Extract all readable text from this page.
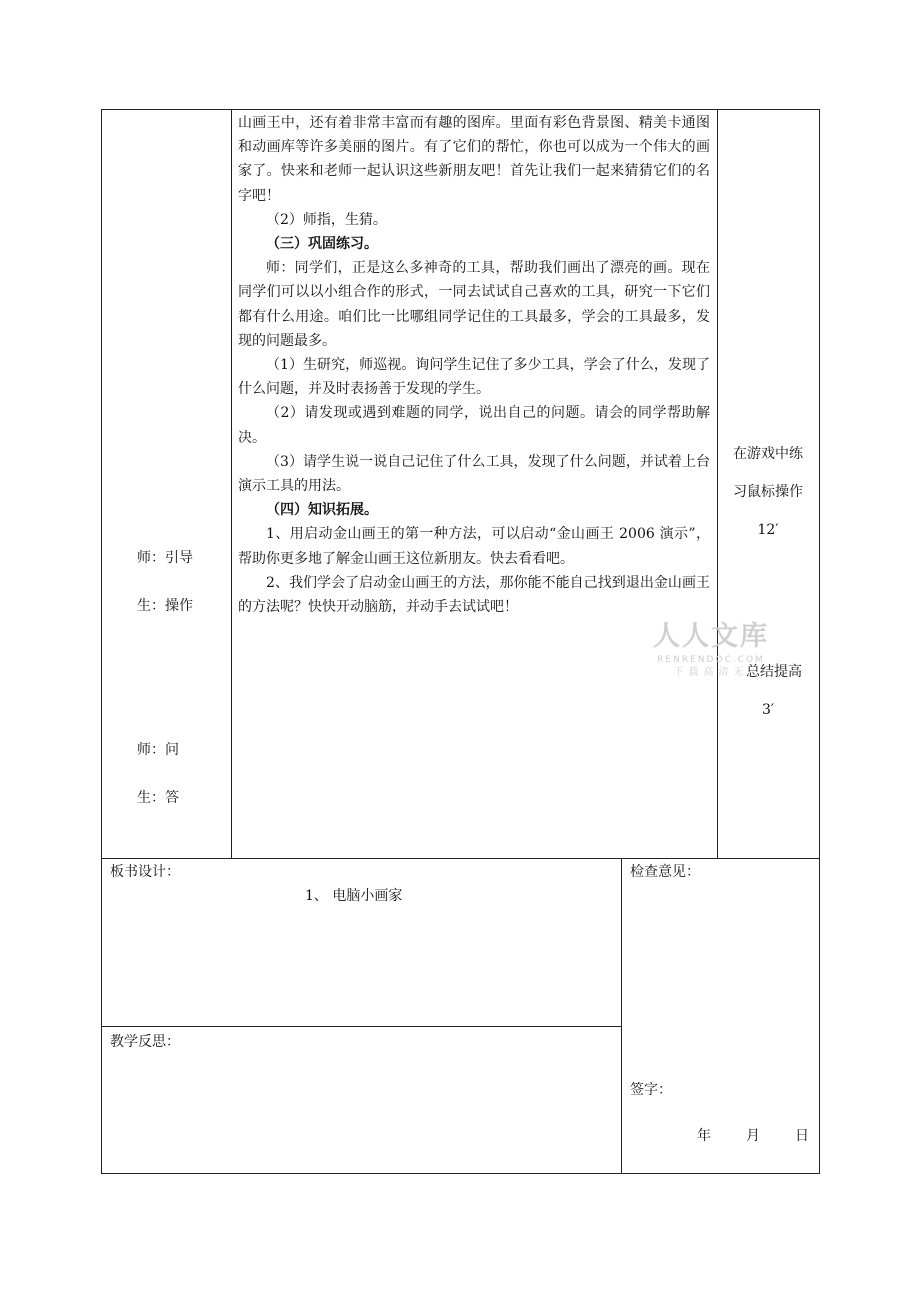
师：引导
生：操作
师：问
生：答

山画王中，还有着非常丰富而有趣的图库。里面有彩色背景图、精美卡通图和动画库等许多美丽的图片。有了它们的帮忙，你也可以成为一个伟大的画家了。快来和老师一起认识这些新朋友吧！首先让我们一起来猜猜它们的名字吧！

（2）师指，生猜。

（三）巩固练习。

师：同学们，正是这么多神奇的工具，帮助我们画出了漂亮的画。现在同学们可以以小组合作的形式，一同去试试自己喜欢的工具，研究一下它们都有什么用途。咱们比一比哪组同学记住的工具最多，学会的工具最多，发现的问题最多。

（1）生研究，师巡视。询问学生记住了多少工具，学会了什么，发现了什么问题，并及时表扬善于发现的学生。

（2）请发现或遇到难题的同学，说出自己的问题。请会的同学帮助解决。

（3）请学生说一说自己记住了什么工具，发现了什么问题，并试着上台演示工具的用法。

（四）知识拓展。

1、用启动金山画王的第一种方法，可以启动“金山画王 2006 演示”，帮助你更多地了解金山画王这位新朋友。快去看看吧。

2、我们学会了启动金山画王的方法，那你能不能自己找到退出金山画王的方法呢？快快开动脑筋，并动手去试试吧！

在游戏中练
习鼠标操作
12′
人人文库
RENRENDOC.COM
下载高清无
总结提高
3′
板书设计：
1、 电脑小画家
检查意见：
教学反思：
签字：
年	月	日
